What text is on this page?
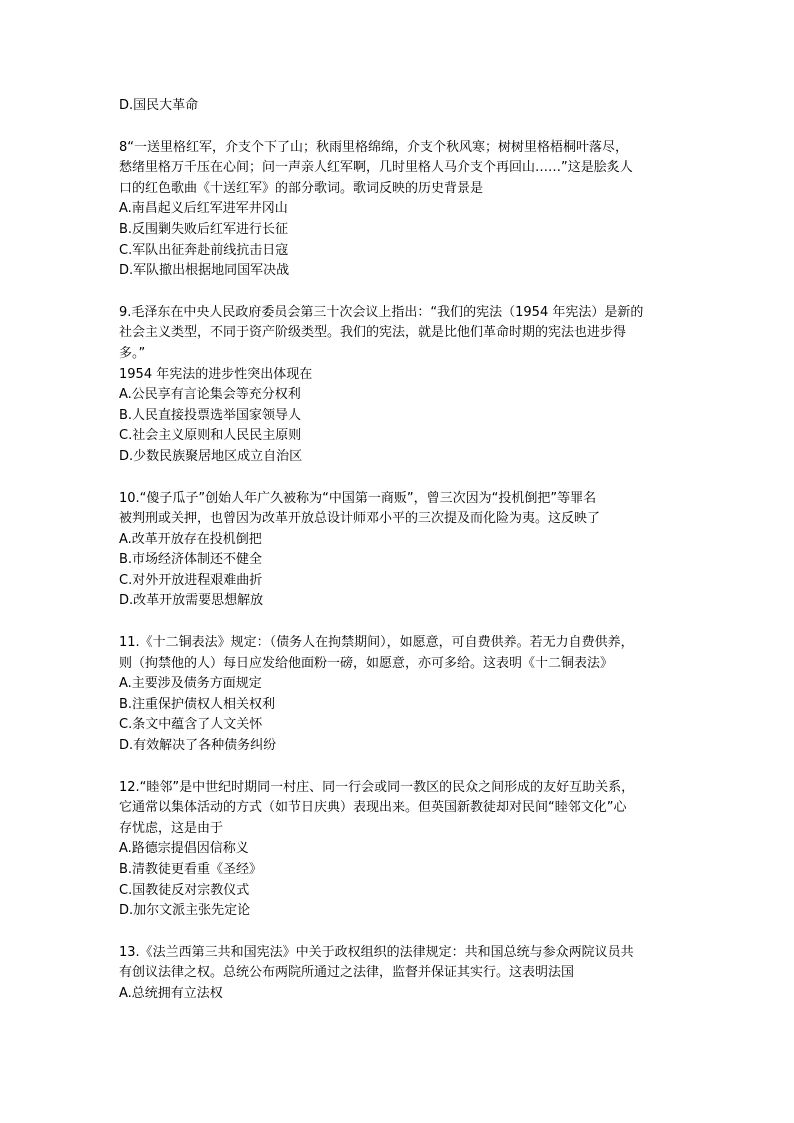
D.国民大革命
8“一送里格红军，介支个下了山；秋雨里格绵绵，介支个秋风寒；树树里格梧桐叶落尽，
愁绪里格万千压在心间；问一声亲人红军啊，几时里格人马介支个再回山……”这是脍炙人
口的红色歌曲《十送红军》的部分歌词。歌词反映的历史背景是
A.南昌起义后红军进军井冈山
B.反围剿失败后红军进行长征
C.军队出征奔赴前线抗击日寇
D.军队撤出根据地同国军决战
9.毛泽东在中央人民政府委员会第三十次会议上指出：“我们的宪法（1954 年宪法）是新的
社会主义类型，不同于资产阶级类型。我们的宪法，就是比他们革命时期的宪法也进步得
多。”
1954 年宪法的进步性突出体现在
A.公民享有言论集会等充分权利
B.人民直接投票选举国家领导人
C.社会主义原则和人民民主原则
D.少数民族聚居地区成立自治区
10.“傻子瓜子”创始人年广久被称为“中国第一商贩”，曾三次因为“投机倒把”等罪名
被判刑或关押，也曾因为改革开放总设计师邓小平的三次提及而化险为夷。这反映了
A.改革开放存在投机倒把
B.市场经济体制还不健全
C.对外开放进程艰难曲折
D.改革开放需要思想解放
11.《十二铜表法》规定：（债务人在拘禁期间），如愿意，可自费供养。若无力自费供养，
则（拘禁他的人）每日应发给他面粉一磅，如愿意，亦可多给。这表明《十二铜表法》
A.主要涉及债务方面规定
B.注重保护债权人相关权利
C.条文中蕴含了人文关怀
D.有效解决了各种债务纠纷
12.“睦邻”是中世纪时期同一村庄、同一行会或同一教区的民众之间形成的友好互助关系，
它通常以集体活动的方式（如节日庆典）表现出来。但英国新教徒却对民间“睦邻文化”心
存忧虑，这是由于
A.路德宗提倡因信称义
B.清教徒更看重《圣经》
C.国教徒反对宗教仪式
D.加尔文派主张先定论
13.《法兰西第三共和国宪法》中关于政权组织的法律规定：共和国总统与参众两院议员共
有创议法律之权。总统公布两院所通过之法律，监督并保证其实行。这表明法国
A.总统拥有立法权
